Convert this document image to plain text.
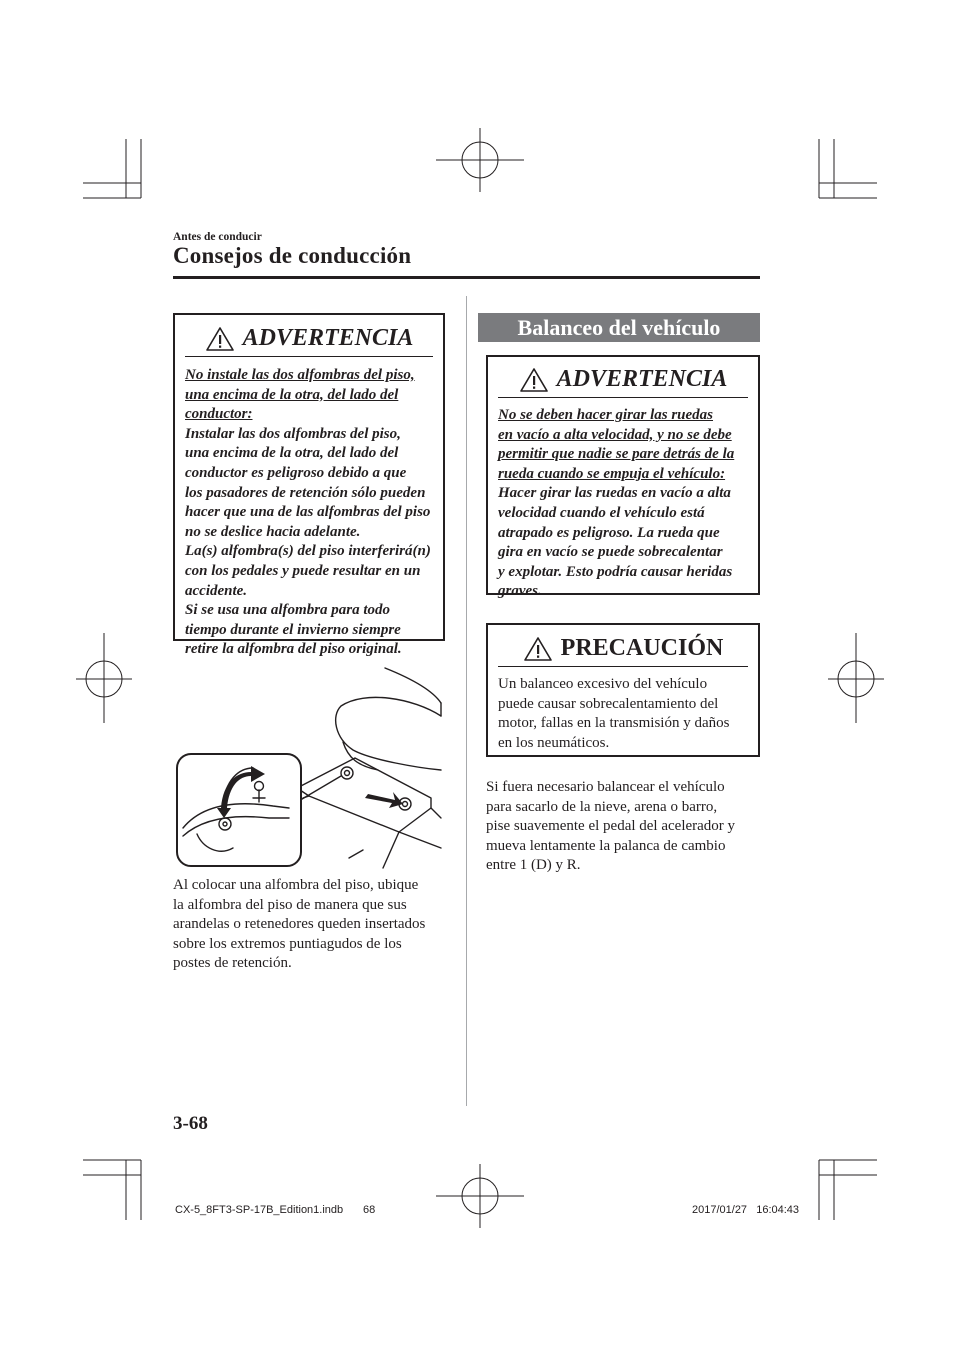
Antes de conducir
Consejos de conducción
ADVERTENCIA
No instale las dos alfombras del piso,
una encima de la otra, del lado del
conductor:
Instalar las dos alfombras del piso,
una encima de la otra, del lado del
conductor es peligroso debido a que
los pasadores de retención sólo pueden
hacer que una de las alfombras del piso
no se deslice hacia adelante.
La(s) alfombra(s) del piso interferirá(n)
con los pedales y puede resultar en un
accidente.
Si se usa una alfombra para todo
tiempo durante el invierno siempre
retire la alfombra del piso original.
Al colocar una alfombra del piso, ubique
la alfombra del piso de manera que sus
arandelas o retenedores queden insertados
sobre los extremos puntiagudos de los
postes de retención.
Balanceo del vehículo
ADVERTENCIA
No se deben hacer girar las ruedas
en vacío a alta velocidad, y no se debe
permitir que nadie se pare detrás de la
rueda cuando se empuja el vehículo:
Hacer girar las ruedas en vacío a alta
velocidad cuando el vehículo está
atrapado es peligroso. La rueda que
gira en vacío se puede sobrecalentar
y explotar. Esto podría causar heridas
graves.
PRECAUCIÓN
Un balanceo excesivo del vehículo
puede causar sobrecalentamiento del
motor, fallas en la transmisión y daños
en los neumáticos.
Si fuera necesario balancear el vehículo
para sacarlo de la nieve, arena o barro,
pise suavemente el pedal del acelerador y
mueva lentamente la palanca de cambio
entre 1 (D) y R.
3-68
CX-5_8FT3-SP-17B_Edition1.indb 68	2017/01/27   16:04:43
